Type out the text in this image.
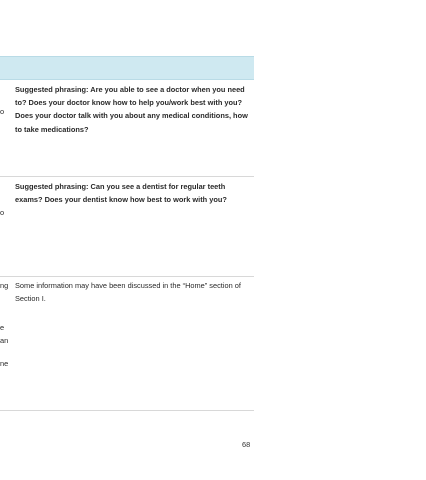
o
Suggested phrasing: Are you able to see a doctor when you need to? Does your doctor know how to help you/work best with you? Does your doctor talk with you about any medical conditions, how to take medications?
o
Suggested phrasing: Can you see a dentist for regular teeth exams? Does your dentist know how best to work with you?
ng
e
an
ne
Some information may have been discussed in the “Home” section of Section I.
68
